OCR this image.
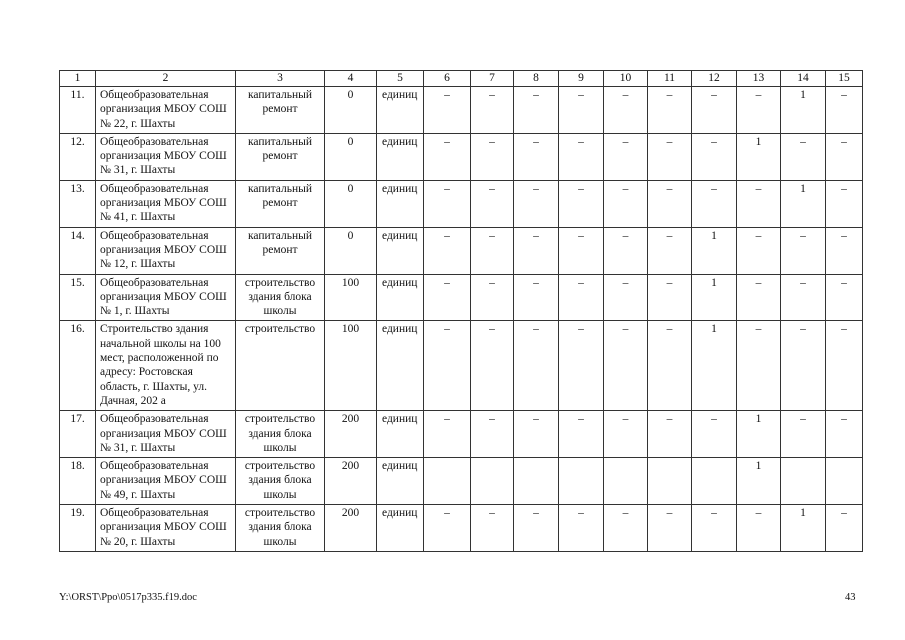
1	2	3	4	5	6	7	8	9	10	11	12	13	14	15
11.	Общеобразовательная организация МБОУ СОШ № 22, г. Шахты	капитальный ремонт	0	единиц	–	–	–	–	–	–	–	–	1	–
12.	Общеобразовательная организация МБОУ СОШ № 31, г. Шахты	капитальный ремонт	0	единиц	–	–	–	–	–	–	–	1	–	–
13.	Общеобразовательная организация МБОУ СОШ № 41, г. Шахты	капитальный ремонт	0	единиц	–	–	–	–	–	–	–	–	1	–
14.	Общеобразовательная организация МБОУ СОШ № 12, г. Шахты	капитальный ремонт	0	единиц	–	–	–	–	–	–	1	–	–	–
15.	Общеобразовательная организация МБОУ СОШ № 1, г. Шахты	строительство здания блока школы	100	единиц	–	–	–	–	–	–	1	–	–	–
16.	Строительство здания начальной школы на 100 мест, расположенной по адресу: Ростовская область, г. Шахты, ул. Дачная, 202 а	строительство	100	единиц	–	–	–	–	–	–	1	–	–	–
17.	Общеобразовательная организация МБОУ СОШ № 31, г. Шахты	строительство здания блока школы	200	единиц	–	–	–	–	–	–	–	1	–	–
18.	Общеобразовательная организация МБОУ СОШ № 49, г. Шахты	строительство здания блока школы	200	единиц								1		
19.	Общеобразовательная организация МБОУ СОШ № 20, г. Шахты	строительство здания блока школы	200	единиц	–	–	–	–	–	–	–	–	1	–
Y:\ORST\Ppo\0517p335.f19.doc	43
